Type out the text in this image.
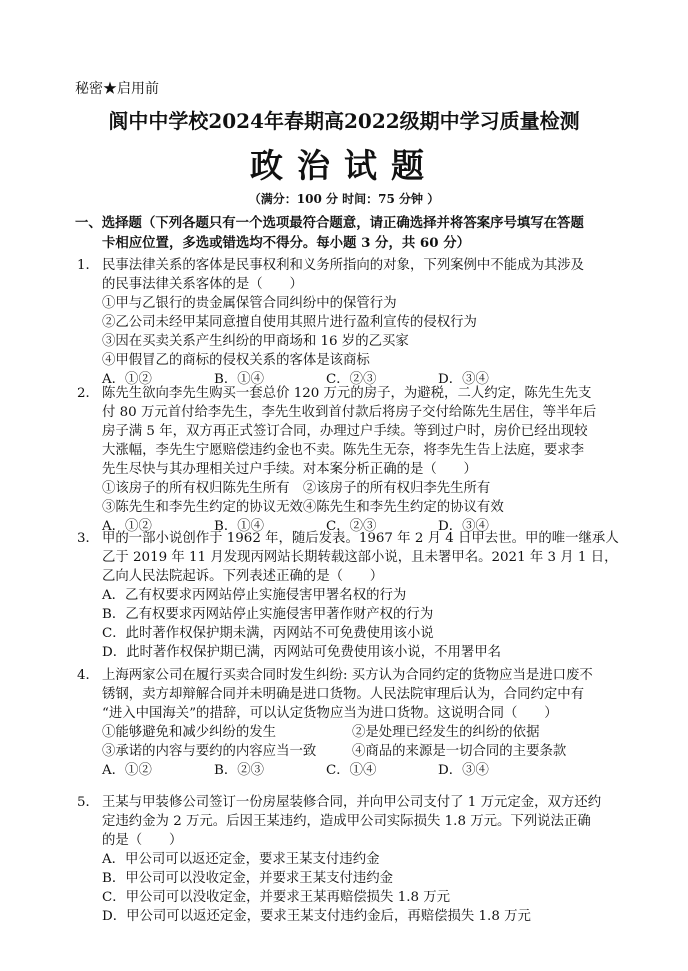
秘密★启用前
阆中中学校2024年春期高2022级期中学习质量检测
政治试题
（满分：100 分 时间：75 分钟 ）
一、选择题（下列各题只有一个选项最符合题意，请正确选择并将答案序号填写在答题
卡相应位置，多选或错选均不得分。每小题 3 分，共 60 分）
1． 民事法律关系的客体是民事权利和义务所指向的对象，下列案例中不能成为其涉及
的民事法律关系客体的是（　　）
①甲与乙银行的贵金属保管合同纠纷中的保管行为
②乙公司未经甲某同意擅自使用其照片进行盈利宣传的侵权行为
③因在买卖关系产生纠纷的甲商场和 16 岁的乙买家
④甲假冒乙的商标的侵权关系的客体是该商标
A．①②	B．①④	C．②③	D．③④
2． 陈先生欲向李先生购买一套总价 120 万元的房子，为避税，二人约定，陈先生先支
付 80 万元首付给李先生，李先生收到首付款后将房子交付给陈先生居住，等半年后
房子满 5 年，双方再正式签订合同，办理过户手续。等到过户时，房价已经出现较
大涨幅，李先生宁愿赔偿违约金也不卖。陈先生无奈，将李先生告上法庭，要求李
先生尽快与其办理相关过户手续。对本案分析正确的是（　　）
①该房子的所有权归陈先生所有　②该房子的所有权归李先生所有
③陈先生和李先生约定的协议无效④陈先生和李先生约定的协议有效
A．①②	B．①④	C．②③	D．③④
3． 甲的一部小说创作于 1962 年，随后发表。1967 年 2 月 4 日甲去世。甲的唯一继承人
乙于 2019 年 11 月发现丙网站长期转载这部小说，且未署甲名。2021 年 3 月 1 日，
乙向人民法院起诉。下列表述正确的是（　　）
A．乙有权要求丙网站停止实施侵害甲署名权的行为
B．乙有权要求丙网站停止实施侵害甲著作财产权的行为
C．此时著作权保护期未满，丙网站不可免费使用该小说
D．此时著作权保护期已满，丙网站可免费使用该小说，不用署甲名
4． 上海两家公司在履行买卖合同时发生纠纷: 买方认为合同约定的货物应当是进口废不
锈钢，卖方却辩解合同并未明确是进口货物。人民法院审理后认为，合同约定中有
“进入中国海关”的措辞，可以认定货物应当为进口货物。这说明合同（　　）
①能够避免和减少纠纷的发生	②是处理已经发生的纠纷的依据
③承诺的内容与要约的内容应当一致	④商品的来源是一切合同的主要条款
A．①②	B．②③	C．①④	D．③④
5． 王某与甲装修公司签订一份房屋装修合同，并向甲公司支付了 1 万元定金，双方还约
定违约金为 2 万元。后因王某违约，造成甲公司实际损失 1.8 万元。下列说法正确
的是（　　）
A．甲公司可以返还定金，要求王某支付违约金
B．甲公司可以没收定金，并要求王某支付违约金
C．甲公司可以没收定金，并要求王某再赔偿损失 1.8 万元
D．甲公司可以返还定金，要求王某支付违约金后，再赔偿损失 1.8 万元
